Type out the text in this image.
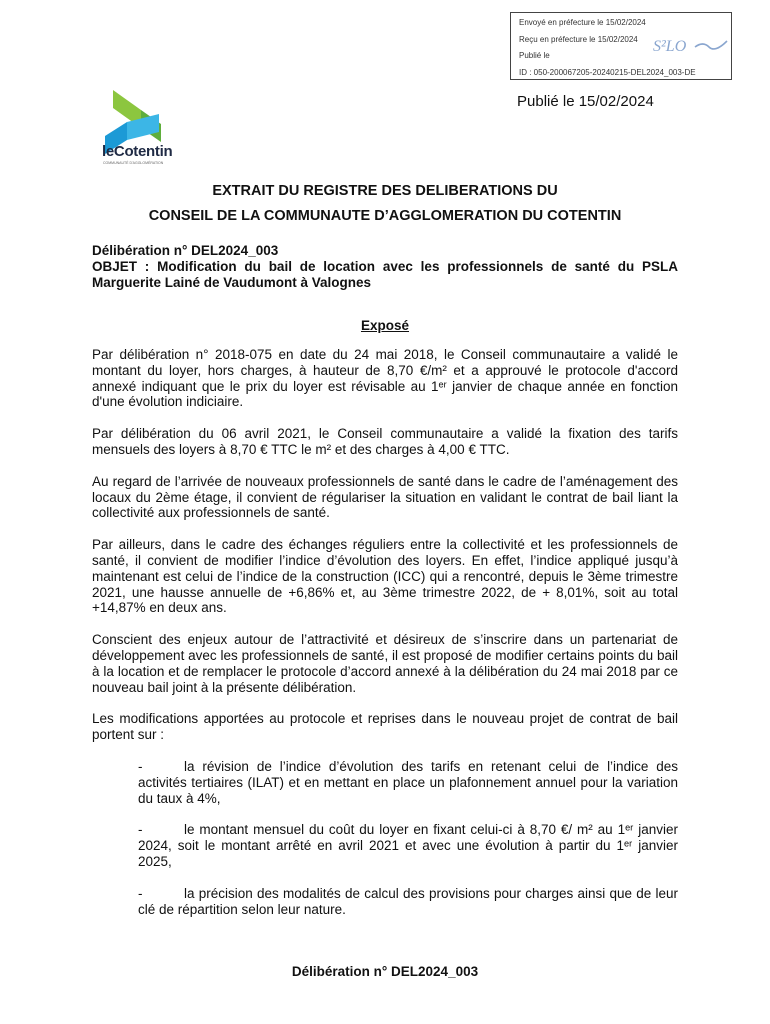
Envoyé en préfecture le 15/02/2024
Reçu en préfecture le 15/02/2024
Publié le
ID : 050-200067205-20240215-DEL2024_003-DE
S²LO
Publié le 15/02/2024
leCotentin
COMMUNAUTÉ D'AGGLOMÉRATION
EXTRAIT DU REGISTRE DES DELIBERATIONS DU
CONSEIL DE LA COMMUNAUTE D’AGGLOMERATION DU COTENTIN
Délibération n° DEL2024_003
OBJET : Modification du bail de location avec les professionnels de santé du PSLA Marguerite Lainé de Vaudumont à Valognes
Exposé

Par délibération n° 2018-075 en date du 24 mai 2018, le Conseil communautaire a validé le montant du loyer, hors charges, à hauteur de 8,70 €/m² et a approuvé le protocole d'accord annexé indiquant que le prix du loyer est révisable au 1ᵉʳ janvier de chaque année en fonction d'une évolution indiciaire.

Par délibération du 06 avril 2021, le Conseil communautaire a validé la fixation des tarifs mensuels des loyers à 8,70 € TTC le m² et des charges à 4,00 € TTC.

Au regard de l’arrivée de nouveaux professionnels de santé dans le cadre de l’aménagement des locaux du 2ème étage, il convient de régulariser la situation en validant le contrat de bail liant la collectivité aux professionnels de santé.

Par ailleurs, dans le cadre des échanges réguliers entre la collectivité et les professionnels de santé, il convient de modifier l’indice d’évolution des loyers. En effet, l’indice appliqué jusqu’à maintenant est celui de l’indice de la construction (ICC) qui a rencontré, depuis le 3ème trimestre 2021, une hausse annuelle de +6,86% et, au 3ème trimestre 2022, de + 8,01%, soit au total +14,87% en deux ans.

Conscient des enjeux autour de l’attractivité et désireux de s’inscrire dans un partenariat de développement avec les professionnels de santé, il est proposé de modifier certains points du bail à la location et de remplacer le protocole d’accord annexé à la délibération du 24 mai 2018 par ce nouveau bail joint à la présente délibération.

Les modifications apportées au protocole et reprises dans le nouveau projet de contrat de bail portent sur :

-	la révision de l’indice d’évolution des tarifs en retenant celui de l’indice des activités tertiaires (ILAT) et en mettant en place un plafonnement annuel pour la variation du taux à 4%,
-	le montant mensuel du coût du loyer en fixant celui-ci à 8,70 €/ m² au 1ᵉʳ janvier 2024, soit le montant arrêté en avril 2021 et avec une évolution à partir du 1ᵉʳ janvier 2025,
-	la précision des modalités de calcul des provisions pour charges ainsi que de leur clé de répartition selon leur nature.
Délibération n° DEL2024_003
